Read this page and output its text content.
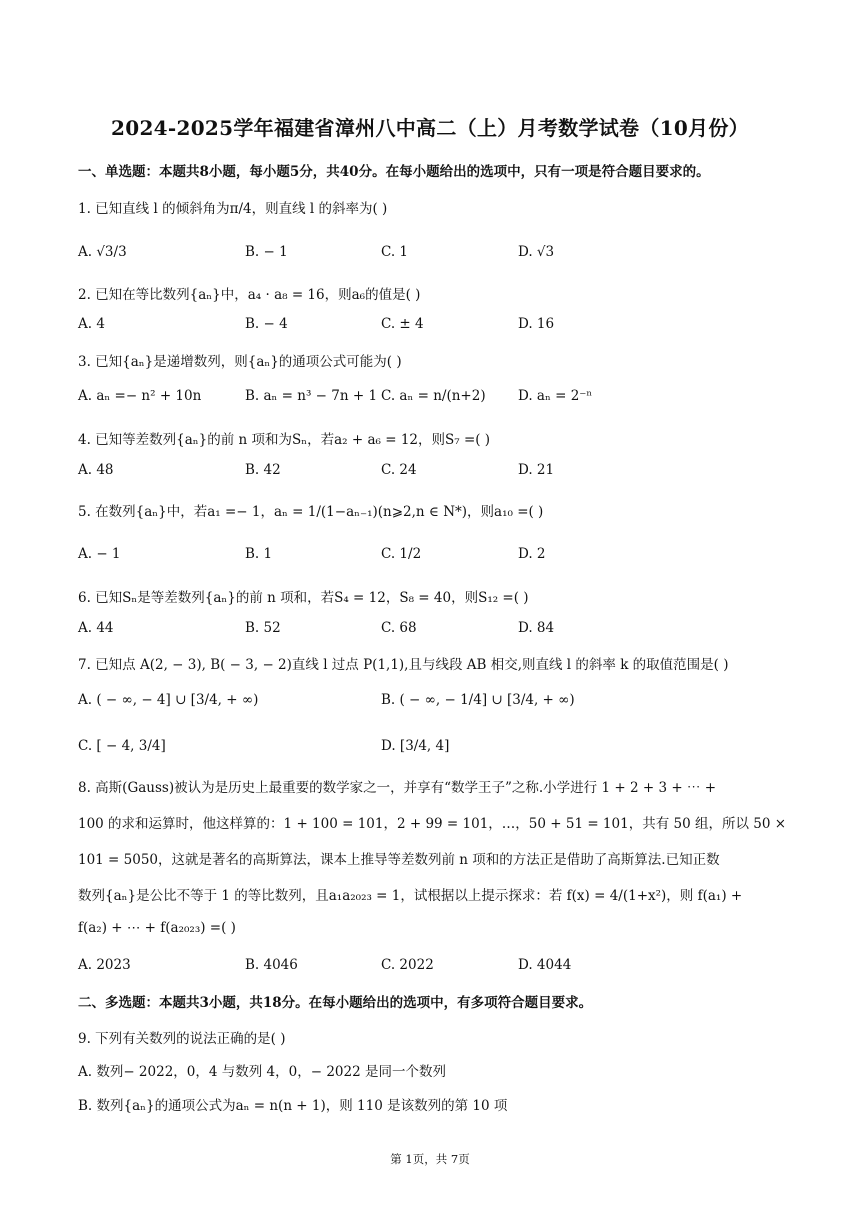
2024-2025学年福建省漳州八中高二（上）月考数学试卷（10月份）
一、单选题：本题共8小题，每小题5分，共40分。在每小题给出的选项中，只有一项是符合题目要求的。
1. 已知直线 l 的倾斜角为π/4，则直线 l 的斜率为( )
A. √3/3	B. − 1	C. 1	D. √3
2. 已知在等比数列{aₙ}中，a₄ · a₈ = 16，则a₆的值是( )
A. 4	B. − 4	C. ± 4	D. 16
3. 已知{aₙ}是递增数列，则{aₙ}的通项公式可能为( )
A. aₙ =− n² + 10n	B. aₙ = n³ − 7n + 1 C. aₙ = n/(n+2) D. aₙ = 2⁻ⁿ
4. 已知等差数列{aₙ}的前 n 项和为Sₙ，若a₂ + a₆ = 12，则S₇ =( )
A. 48	B. 42	C. 24	D. 21
5. 在数列{aₙ}中，若a₁ =− 1，aₙ = 1/(1−aₙ₋₁)(n⩾2,n ∈ N*)，则a₁₀ =( )
A. − 1	B. 1	C. 1/2	D. 2
6. 已知Sₙ是等差数列{aₙ}的前 n 项和，若S₄ = 12，S₈ = 40，则S₁₂ =( )
A. 44	B. 52	C. 68	D. 84
7. 已知点 A(2, − 3), B( − 3, − 2)直线 l 过点 P(1,1),且与线段 AB 相交,则直线 l 的斜率 k 的取值范围是( )
A. ( − ∞, − 4] ∪ [3/4, + ∞)	B. ( − ∞, − 1/4] ∪ [3/4, + ∞)
C. [ − 4, 3/4]	D. [3/4, 4]
8. 高斯(Gauss)被认为是历史上最重要的数学家之一，并享有“数学王子”之称.小学进行 1 + 2 + 3 + ⋯ +
100 的求和运算时，他这样算的：1 + 100 = 101，2 + 99 = 101，…，50 + 51 = 101，共有 50 组，所以 50 ×
101 = 5050，这就是著名的高斯算法，课本上推导等差数列前 n 项和的方法正是借助了高斯算法.已知正数
数列{aₙ}是公比不等于 1 的等比数列，且a₁a₂₀₂₃ = 1，试根据以上提示探求：若 f(x) = 4/(1+x²)，则 f(a₁) +
f(a₂) + ⋯ + f(a₂₀₂₃) =( )
A. 2023	B. 4046	C. 2022	D. 4044
二、多选题：本题共3小题，共18分。在每小题给出的选项中，有多项符合题目要求。
9. 下列有关数列的说法正确的是( )
A. 数列− 2022，0，4 与数列 4，0，− 2022 是同一个数列
B. 数列{aₙ}的通项公式为aₙ = n(n + 1)，则 110 是该数列的第 10 项
第 1页，共 7页
